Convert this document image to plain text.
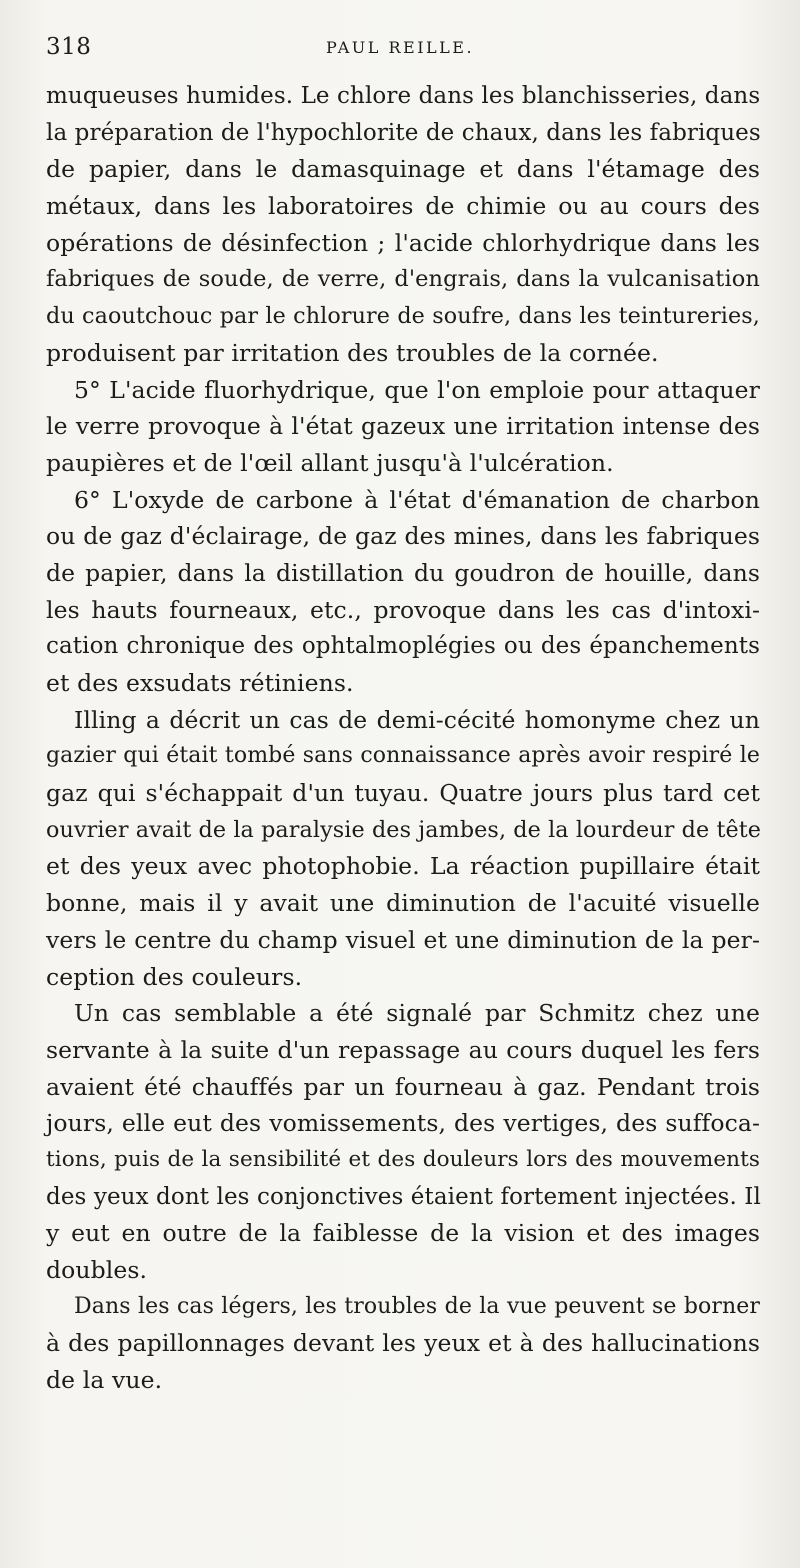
318	PAUL REILLE.
muqueuses humides. Le chlore dans les blanchisseries, dans
la préparation de l'hypochlorite de chaux, dans les fabriques
de papier, dans le damasquinage et dans l'étamage des
métaux, dans les laboratoires de chimie ou au cours des
opérations de désinfection ; l'acide chlorhydrique dans les
fabriques de soude, de verre, d'engrais, dans la vulcanisation
du caoutchouc par le chlorure de soufre, dans les teintureries,
produisent par irritation des troubles de la cornée.
5° L'acide fluorhydrique, que l'on emploie pour attaquer
le verre provoque à l'état gazeux une irritation intense des
paupières et de l'œil allant jusqu'à l'ulcération.
6° L'oxyde de carbone à l'état d'émanation de charbon
ou de gaz d'éclairage, de gaz des mines, dans les fabriques
de papier, dans la distillation du goudron de houille, dans
les hauts fourneaux, etc., provoque dans les cas d'intoxi-
cation chronique des ophtalmoplégies ou des épanchements
et des exsudats rétiniens.
Illing a décrit un cas de demi-cécité homonyme chez un
gazier qui était tombé sans connaissance après avoir respiré le
gaz qui s'échappait d'un tuyau. Quatre jours plus tard cet
ouvrier avait de la paralysie des jambes, de la lourdeur de tête
et des yeux avec photophobie. La réaction pupillaire était
bonne, mais il y avait une diminution de l'acuité visuelle
vers le centre du champ visuel et une diminution de la per-
ception des couleurs.
Un cas semblable a été signalé par Schmitz chez une
servante à la suite d'un repassage au cours duquel les fers
avaient été chauffés par un fourneau à gaz. Pendant trois
jours, elle eut des vomissements, des vertiges, des suffoca-
tions, puis de la sensibilité et des douleurs lors des mouvements
des yeux dont les conjonctives étaient fortement injectées. Il
y eut en outre de la faiblesse de la vision et des images
doubles.
Dans les cas légers, les troubles de la vue peuvent se borner
à des papillonnages devant les yeux et à des hallucinations
de la vue.
